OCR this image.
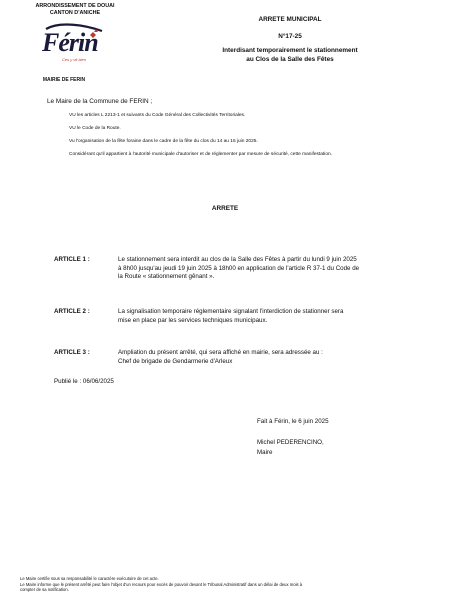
ARRONDISSEMENT DE DOUAI
CANTON D'ANICHE
Férin
Ces y vit bien
MAIRIE DE FERIN
ARRETE MUNICIPAL
N°17-25
Interdisant temporairement le stationnement
au Clos de la Salle des Fêtes
Le Maire de la Commune de FERIN ;
VU les articles L 2213-1 et suivants du Code Général des Collectivités Territoriales.
VU le Code de la Route.
Vu l'organisation de la fête foraine dans le cadre de la fête du clos du 14 au 15 juin 2025.
Considérant qu'il appartient à l'autorité municipale d'autoriser et de réglementer par mesure de sécurité, cette manifestation.
ARRETE
ARTICLE 1 :	Le stationnement sera interdit au clos de la Salle des Fêtes à partir du lundi 9 juin 2025
à 8h00 jusqu'au jeudi 19 juin 2025 à 18h00 en application de l'article R 37-1 du Code de
la Route « stationnement gênant ».
ARTICLE 2 :	La signalisation temporaire réglementaire signalant l'interdiction de stationner sera
mise en place par les services techniques municipaux.
ARTICLE 3 :	Ampliation du présent arrêté, qui sera affiché en mairie, sera adressée au :
Chef de brigade de Gendarmerie d'Arleux
Publié le : 06/06/2025
Fait à Férin, le 6 juin 2025
Michel PEDERENCINO,
Maire
Le Maire certifie sous sa responsabilité le caractère exécutoire de cet acte.
Le Maire informe que le présent arrêté peut faire l'objet d'un recours pour excès de pouvoir devant le Tribunal Administratif dans un délai de deux mois à
compter de sa notification.
